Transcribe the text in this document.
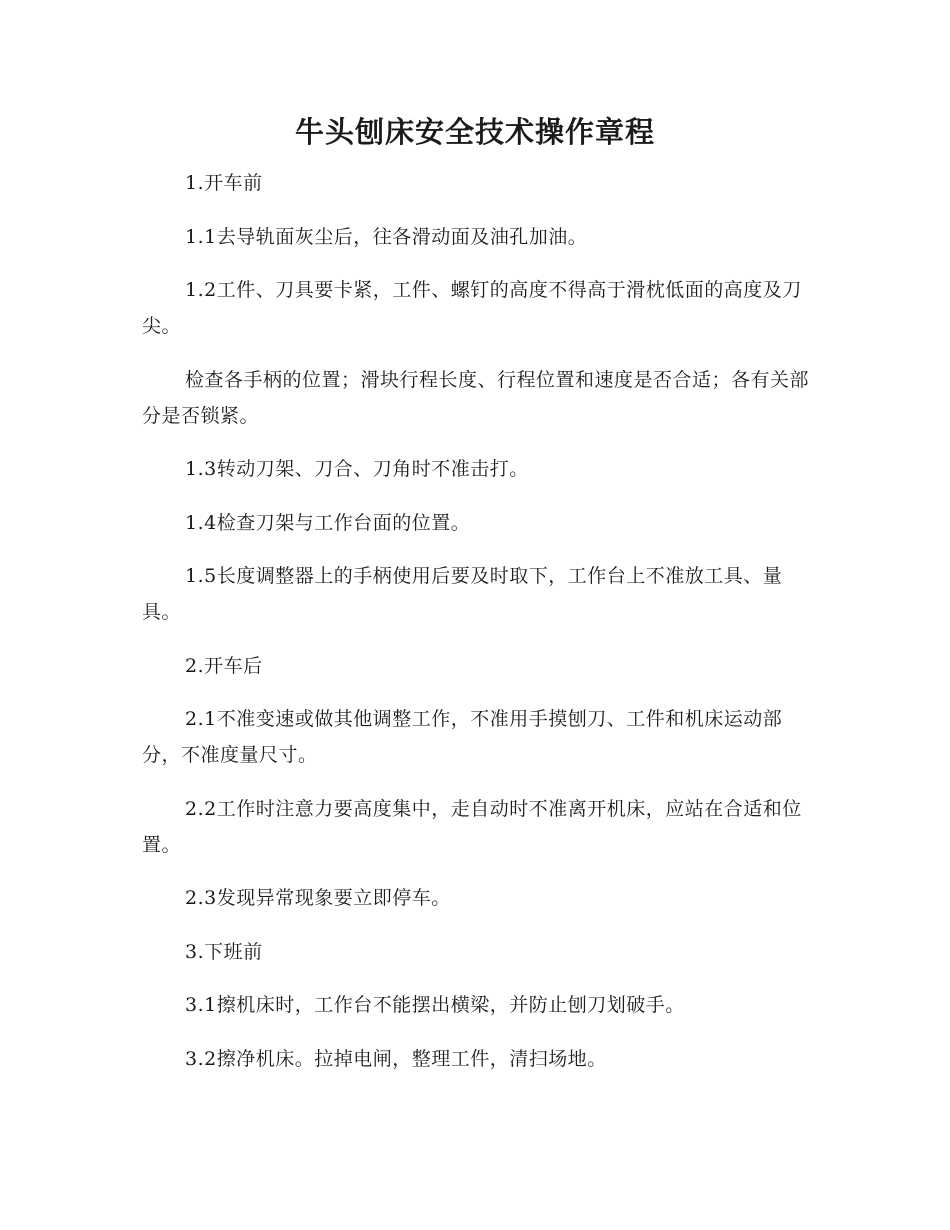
牛头刨床安全技术操作章程

1.开车前

1.1去导轨面灰尘后，往各滑动面及油孔加油。

1.2工件、刀具要卡紧，工件、螺钉的高度不得高于滑枕低面的高度及刀尖。

检查各手柄的位置；滑块行程长度、行程位置和速度是否合适；各有关部分是否锁紧。

1.3转动刀架、刀合、刀角时不准击打。

1.4检查刀架与工作台面的位置。

1.5长度调整器上的手柄使用后要及时取下，工作台上不准放工具、量具。

2.开车后

2.1不准变速或做其他调整工作，不准用手摸刨刀、工件和机床运动部分，不准度量尺寸。

2.2工作时注意力要高度集中，走自动时不准离开机床，应站在合适和位置。

2.3发现异常现象要立即停车。

3.下班前

3.1擦机床时，工作台不能摆出横梁，并防止刨刀划破手。

3.2擦净机床。拉掉电闸，整理工件，清扫场地。
